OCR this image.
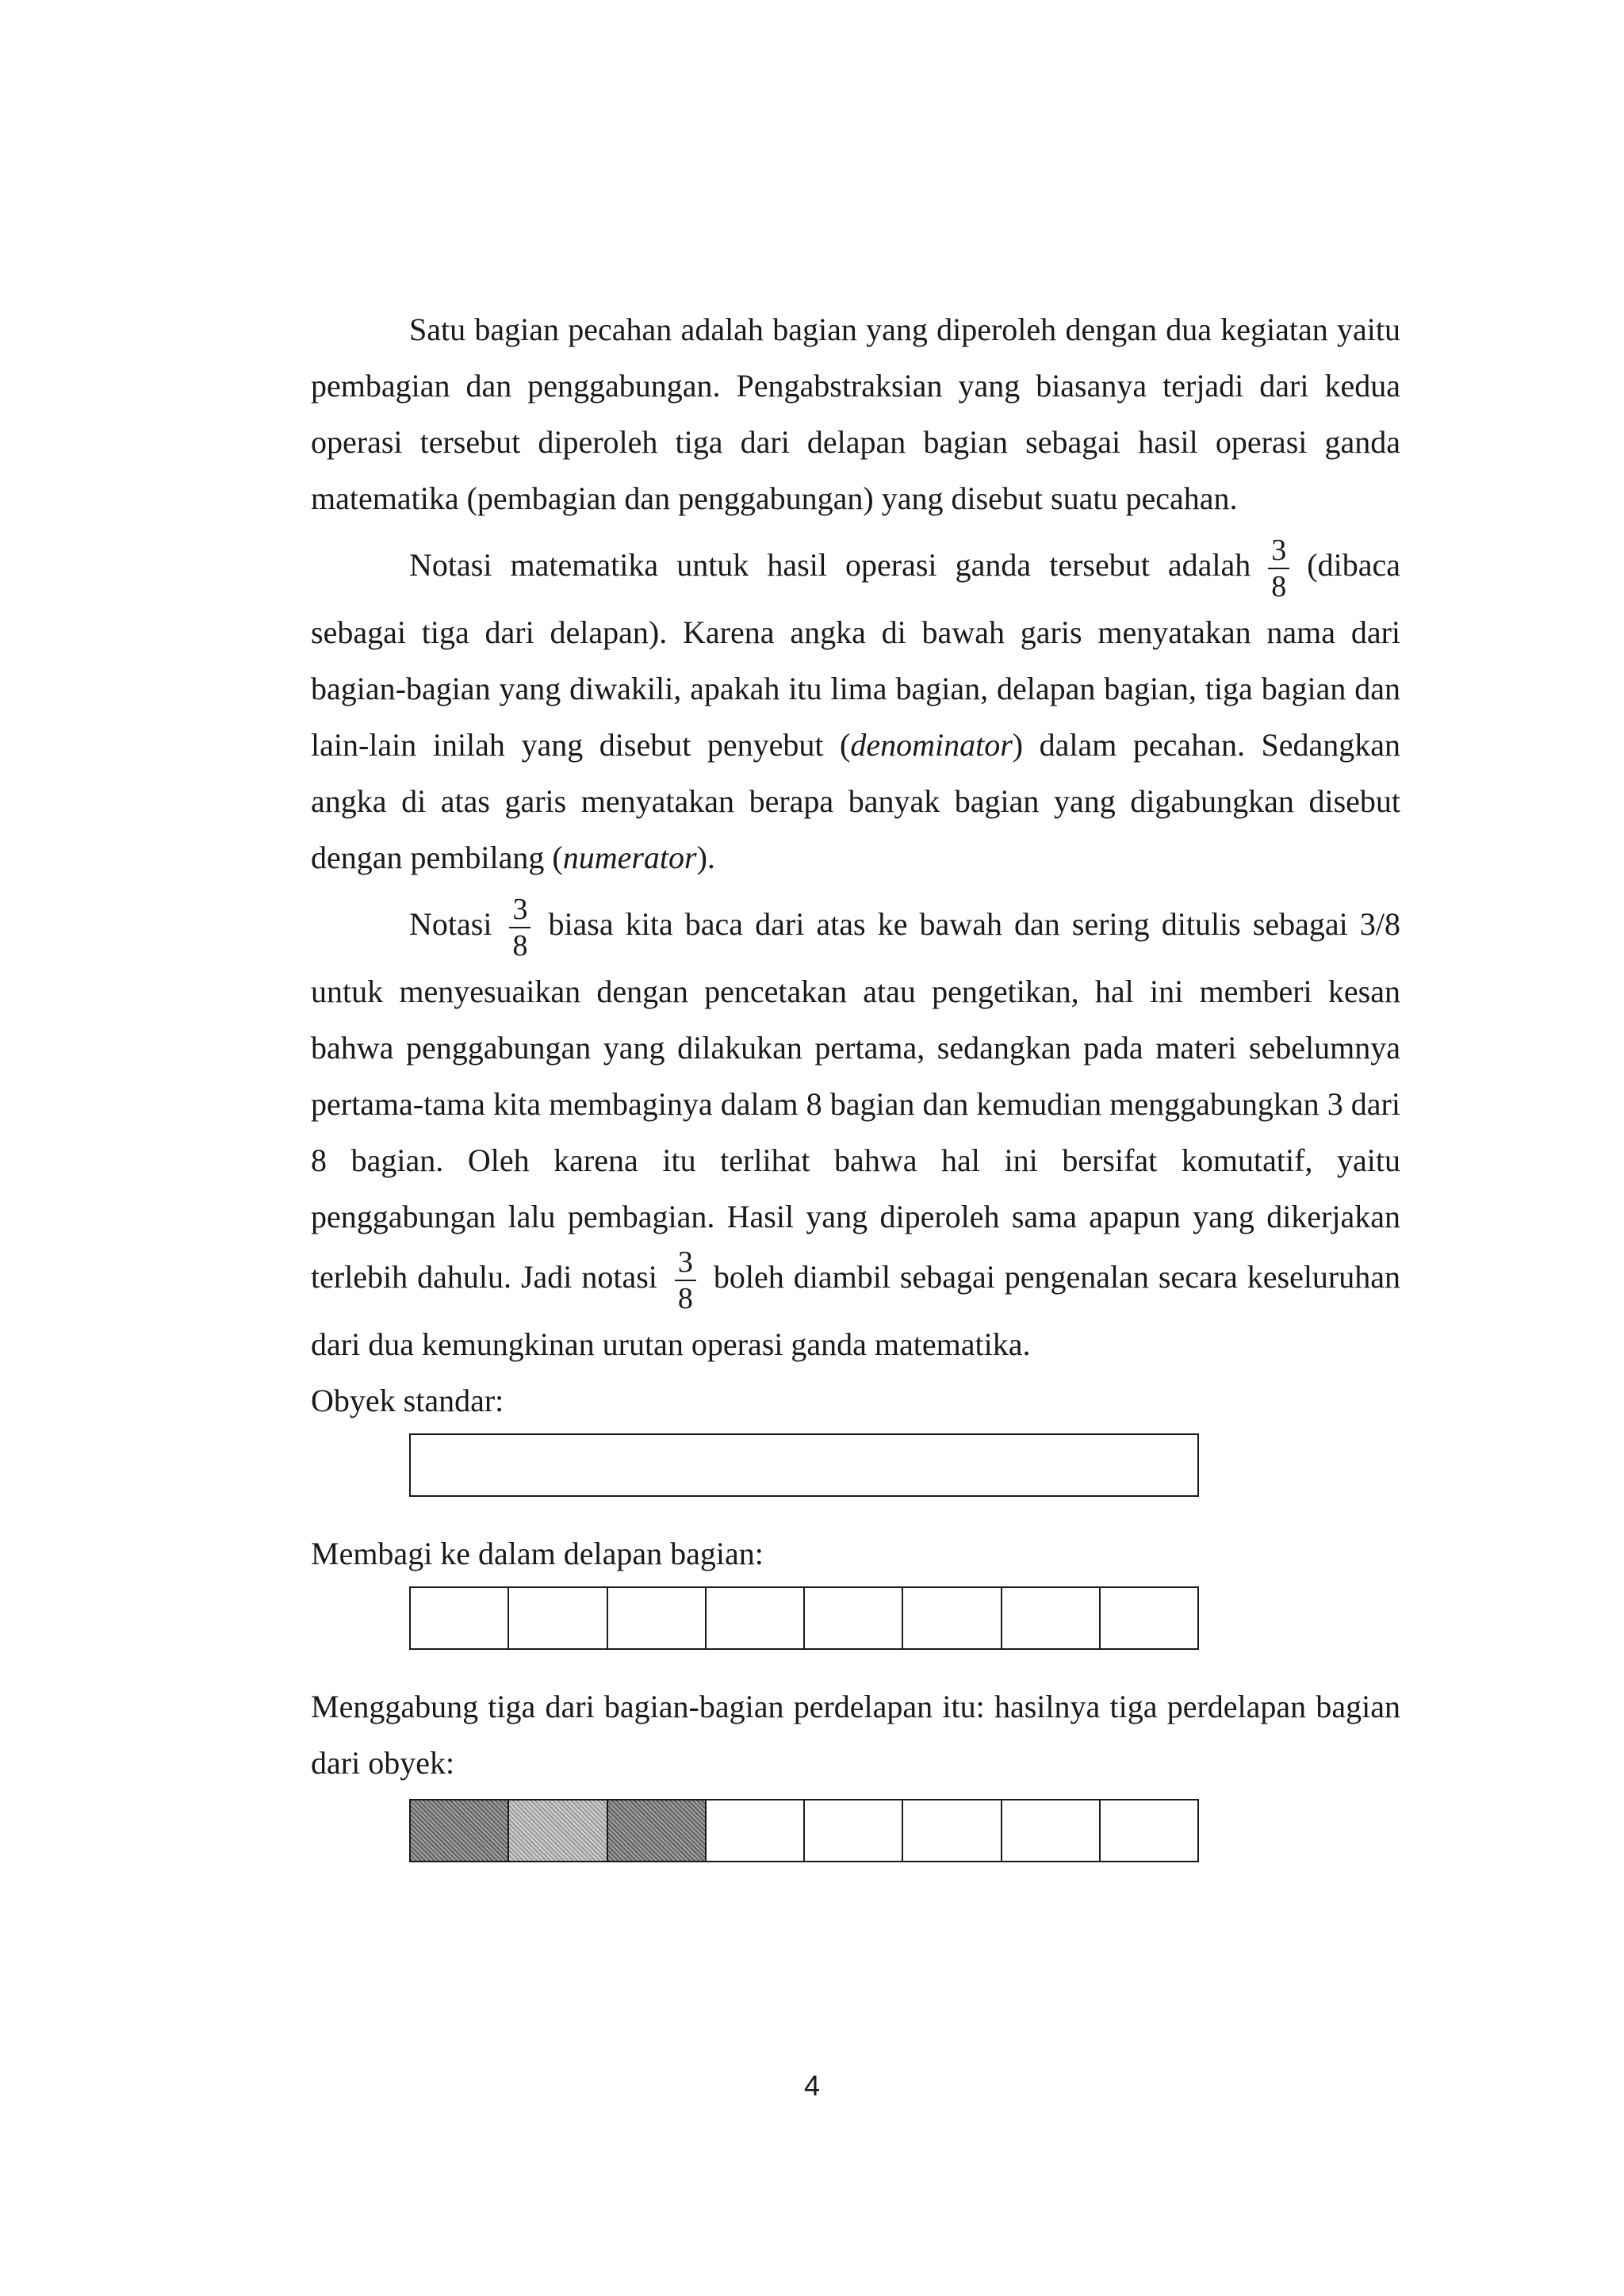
Satu bagian pecahan adalah bagian yang diperoleh dengan dua kegiatan yaitu pembagian dan penggabungan. Pengabstraksian yang biasanya terjadi dari kedua operasi tersebut diperoleh tiga dari delapan bagian sebagai hasil operasi ganda matematika (pembagian dan penggabungan) yang disebut suatu pecahan.

Notasi matematika untuk hasil operasi ganda tersebut adalah $\frac{3}{8}$ (dibaca sebagai tiga dari delapan). Karena angka di bawah garis menyatakan nama dari bagian-bagian yang diwakili, apakah itu lima bagian, delapan bagian, tiga bagian dan lain-lain inilah yang disebut penyebut (denominator) dalam pecahan. Sedangkan angka di atas garis menyatakan berapa banyak bagian yang digabungkan disebut dengan pembilang (numerator).

Notasi $\frac{3}{8}$ biasa kita baca dari atas ke bawah dan sering ditulis sebagai 3/8 untuk menyesuaikan dengan pencetakan atau pengetikan, hal ini memberi kesan bahwa penggabungan yang dilakukan pertama, sedangkan pada materi sebelumnya pertama-tama kita membaginya dalam 8 bagian dan kemudian menggabungkan 3 dari 8 bagian. Oleh karena itu terlihat bahwa hal ini bersifat komutatif, yaitu penggabungan lalu pembagian. Hasil yang diperoleh sama apapun yang dikerjakan terlebih dahulu. Jadi notasi $\frac{3}{8}$ boleh diambil sebagai pengenalan secara keseluruhan dari dua kemungkinan urutan operasi ganda matematika.

Obyek standar:

Membagi ke dalam delapan bagian:

Menggabung tiga dari bagian-bagian perdelapan itu: hasilnya tiga perdelapan bagian dari obyek:

4
